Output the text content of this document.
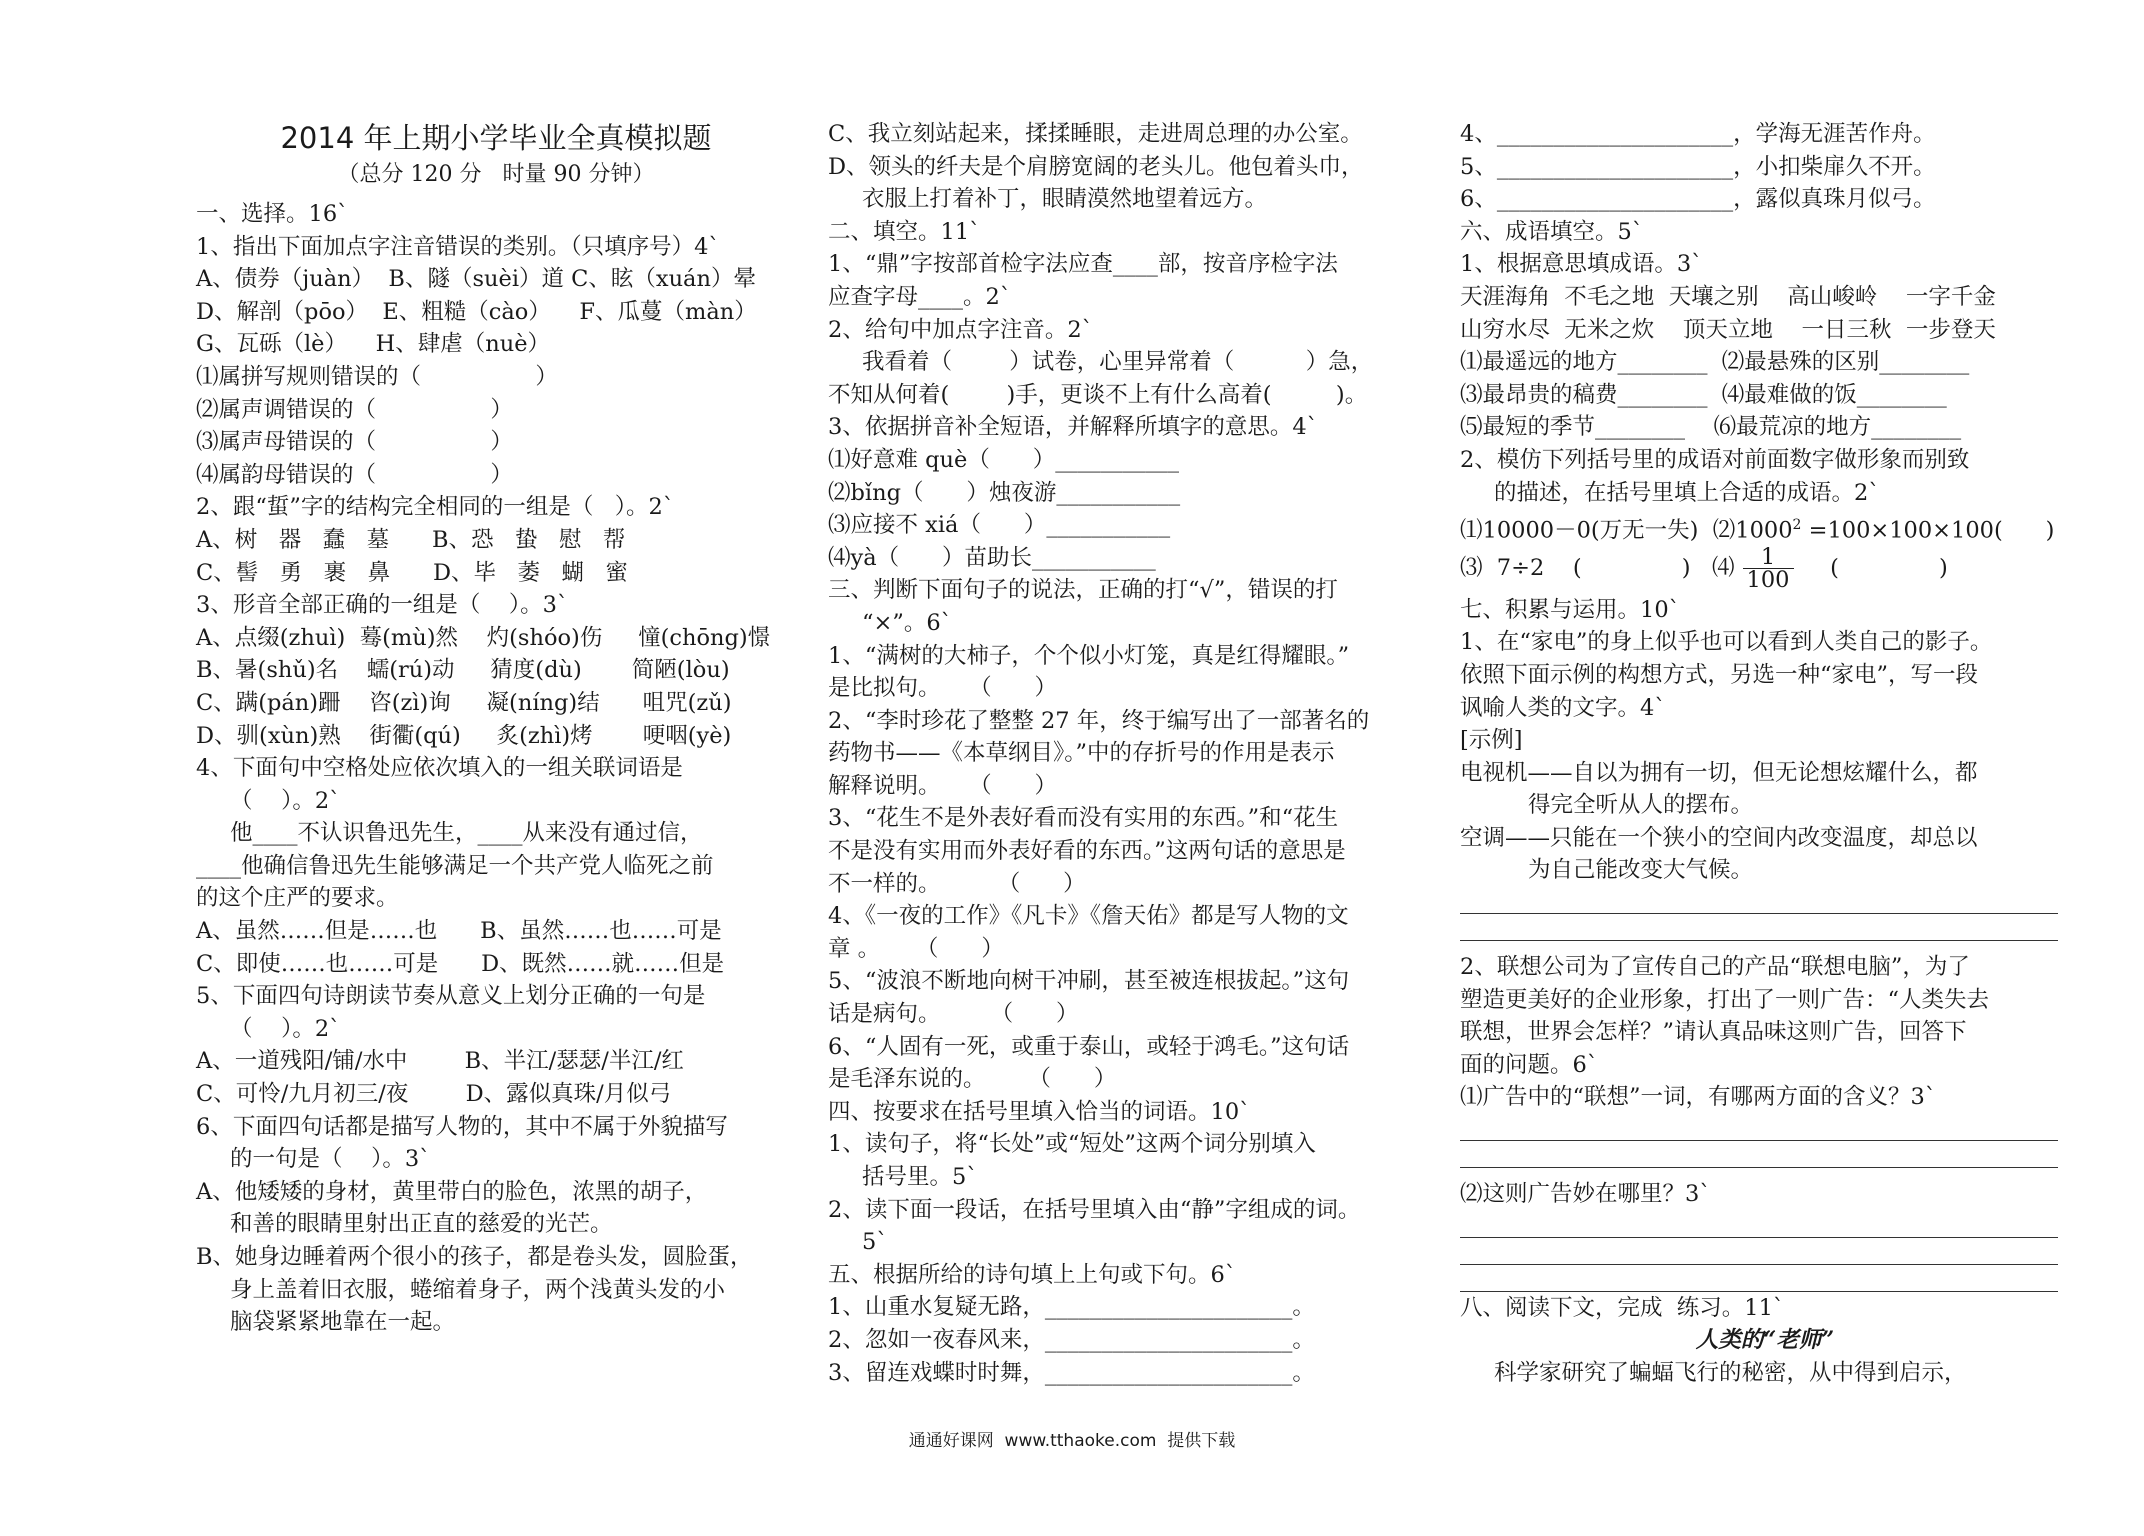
2014 年上期小学毕业全真模拟题
（总分 120 分   时量 90 分钟）
一、选择。16`
1、指出下面加点字注音错误的类别。（只填序号）4`
A、债券（juàn）  B、隧（suèi）道 C、眩（xuán）晕
D、解剖（pōo）  E、粗糙（cào）    F、瓜蔓（màn）
G、瓦砾（lè）    H、肆虐（nuè）
⑴属拼写规则错误的（                ）
⑵属声调错误的（                ）
⑶属声母错误的（                ）
⑷属韵母错误的（                ）
2、跟“蜇”字的结构完全相同的一组是（   ）。2`
A、树   器   蠢   墓      B、恐   蛰   慰   帮
C、髻   勇   裹   鼻      D、毕   萎   蝴   蜜
3、形音全部正确的一组是（    ）。3`
A、点缀(zhuì)  蓦(mù)然    灼(shóo)伤     憧(chōng)憬
B、暑(shǔ)名    蠕(rú)动     猜度(dù)       简陋(lòu)
C、蹒(pán)跚    咨(zì)询     凝(níng)结      咀咒(zǔ)
D、驯(xùn)熟    街衢(qú)     炙(zhì)烤       哽咽(yè)
4、下面句中空格处应依次填入的一组关联词语是
（    ）。2`
他____不认识鲁迅先生，____从来没有通过信，
____他确信鲁迅先生能够满足一个共产党人临死之前
的这个庄严的要求。
A、虽然……但是……也      B、虽然……也……可是
C、即使……也……可是      D、既然……就……但是
5、下面四句诗朗读节奏从意义上划分正确的一句是
（    ）。2`
A、一道残阳/铺/水中        B、半江/瑟瑟/半江/红
C、可怜/九月初三/夜        D、露似真珠/月似弓
6、下面四句话都是描写人物的，其中不属于外貌描写
的一句是（    ）。3`
A、他矮矮的身材，黄里带白的脸色，浓黑的胡子，
和善的眼睛里射出正直的慈爱的光芒。
B、她身边睡着两个很小的孩子，都是卷头发，圆脸蛋，
身上盖着旧衣服，蜷缩着身子，两个浅黄头发的小
脑袋紧紧地靠在一起。
C、我立刻站起来，揉揉睡眼，走进周总理的办公室。
D、领头的纤夫是个肩膀宽阔的老头儿。他包着头巾，
衣服上打着补丁，眼睛漠然地望着远方。
二、填空。11`
1、“鼎”字按部首检字法应查____部，按音序检字法
应查字母____。2`
2、给句中加点字注音。2`
我看着（        ）试卷，心里异常着（          ）急，
不知从何着(        )手，更谈不上有什么高着(         )。
3、依据拼音补全短语，并解释所填字的意思。4`
⑴好意难 què（      ）___________
⑵bǐng（      ）烛夜游___________
⑶应接不 xiá（      ）___________
⑷yà（      ）苗助长___________
三、判断下面句子的说法，正确的打“√”，错误的打
“×”。6`
1、“满树的大柿子，个个似小灯笼，真是红得耀眼。”
是比拟句。    （      ）
2、“李时珍花了整整 27 年，终于编写出了一部著名的
药物书——《本草纲目》。”中的存折号的作用是表示
解释说明。    （      ）
3、“花生不是外表好看而没有实用的东西。”和“花生
不是没有实用而外表好看的东西。”这两句话的意思是
不一样的。        （      ）
4、《一夜的工作》《凡卡》《詹天佑》都是写人物的文
章 。     （      ）
5、“波浪不断地向树干冲刷，甚至被连根拔起。”这句
话是病句。       （      ）
6、“人固有一死，或重于泰山，或轻于鸿毛。”这句话
是毛泽东说的。      （      ）
四、按要求在括号里填入恰当的词语。10`
1、读句子，将“长处”或“短处”这两个词分别填入
括号里。5`
2、读下面一段话，在括号里填入由“静”字组成的词。
5`
五、根据所给的诗句填上上句或下句。6`
1、山重水复疑无路，______________________。
2、忽如一夜春风来，______________________。
3、留连戏蝶时时舞，______________________。
4、_____________________，学海无涯苦作舟。
5、_____________________，小扣柴扉久不开。
6、_____________________，露似真珠月似弓。
六、成语填空。5`
1、根据意思填成语。3`
天涯海角  不毛之地  天壤之别    高山峻岭    一字千金
山穷水尽  无米之炊    顶天立地    一日三秋  一步登天
⑴最遥远的地方________  ⑵最悬殊的区别________
⑶最昂贵的稿费________  ⑷最难做的饭________
⑸最短的季节________    ⑹最荒凉的地方________
2、模仿下列括号里的成语对前面数字做形象而别致
的描述，在括号里填上合适的成语。2`
⑴10000－0(万无一失)  $⑵1000^2 =100\times 100\times 100$(      )
⑶  7÷2    (              )   ⑷ $\frac{1}{100}$ (              )
七、积累与运用。10`
1、在“家电”的身上似乎也可以看到人类自己的影子。
依照下面示例的构想方式，另选一种“家电”，写一段
讽喻人类的文字。4`
[示例]
电视机——自以为拥有一切，但无论想炫耀什么，都
得完全听从人的摆布。
空调——只能在一个狭小的空间内改变温度，却总以
为自己能改变大气候。
2、联想公司为了宣传自己的产品“联想电脑”，为了
塑造更美好的企业形象，打出了一则广告：“人类失去
联想，世界会怎样？”请认真品味这则广告，回答下
面的问题。6`
⑴广告中的“联想”一词，有哪两方面的含义？3`
⑵这则广告妙在哪里？3`
八、阅读下文，完成  练习。11`
人类的“老师”
科学家研究了蝙蝠飞行的秘密，从中得到启示，
通通好课网  www.tthaoke.com  提供下载
